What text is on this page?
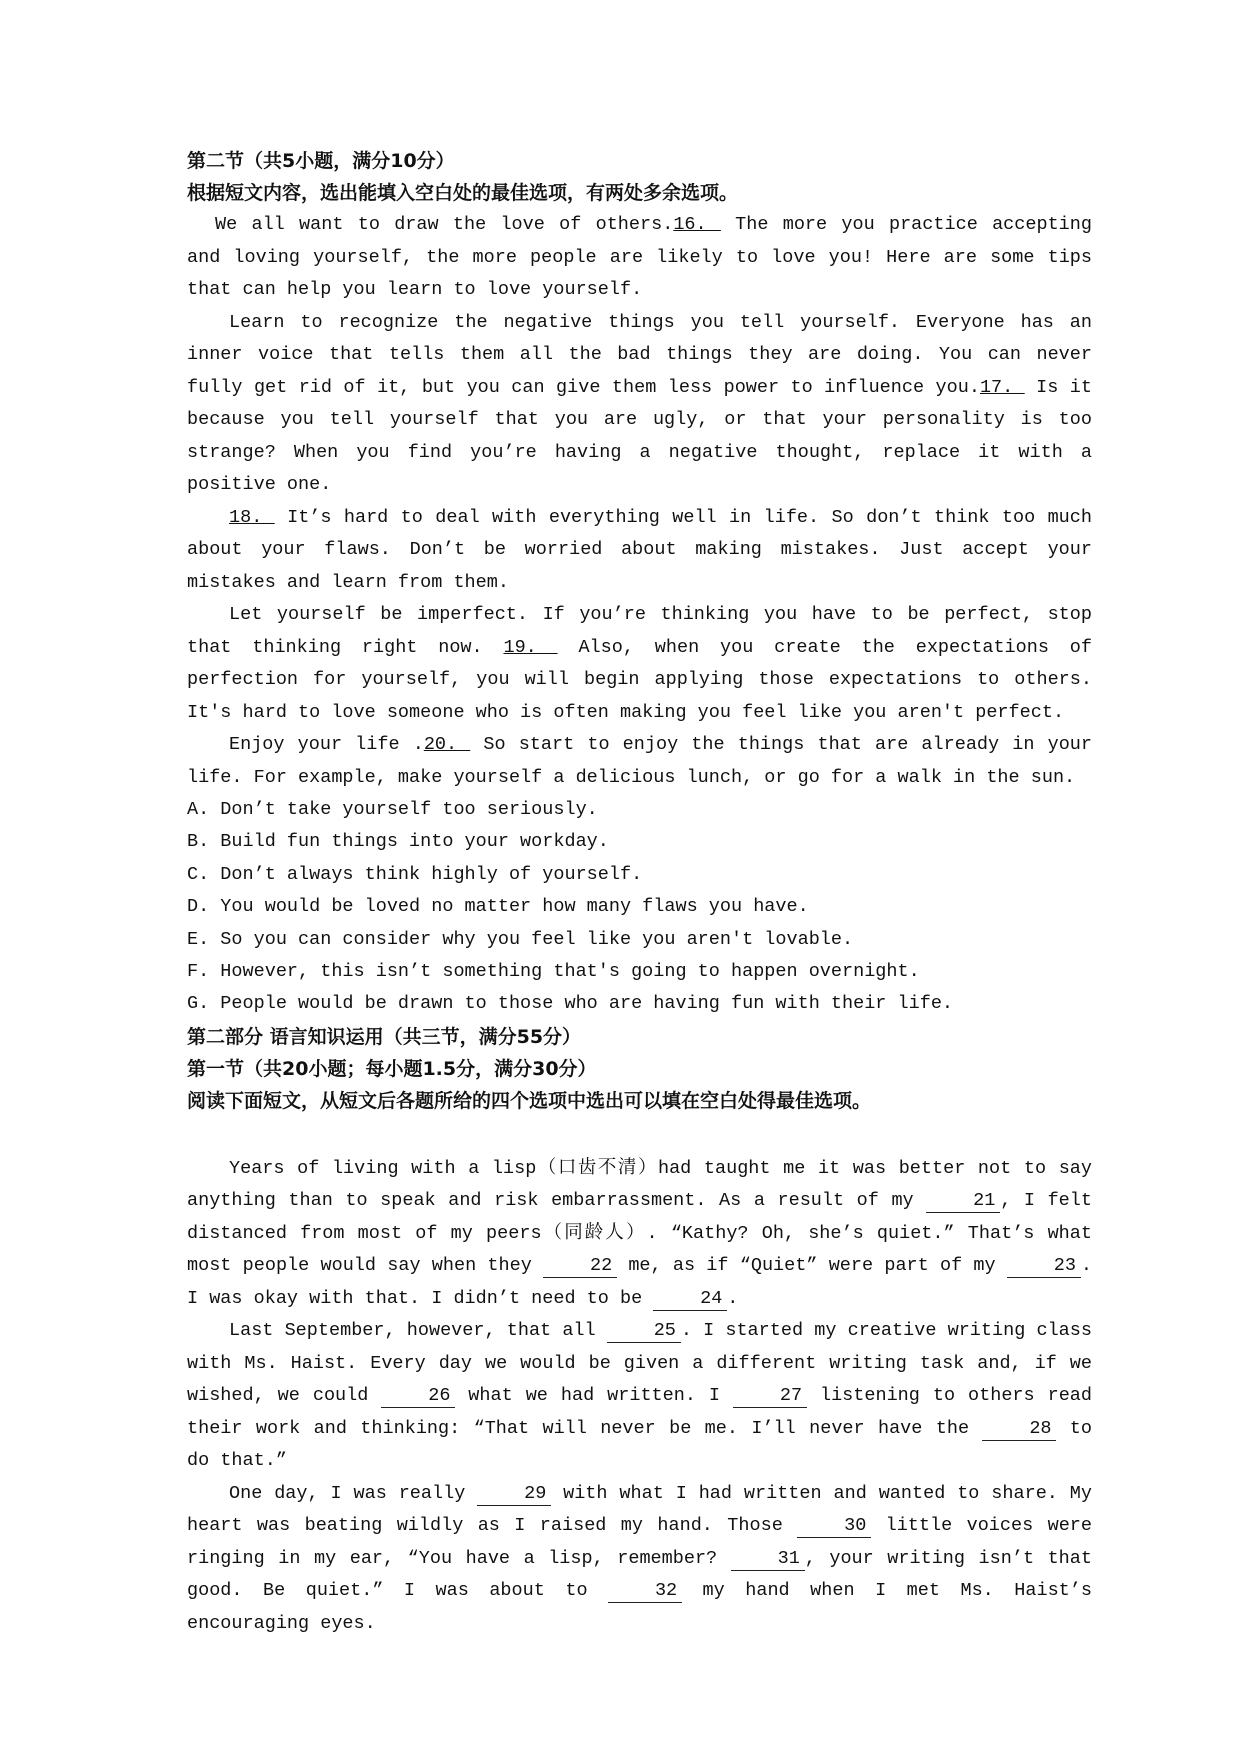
第二节（共5小题，满分10分）
根据短文内容，选出能填入空白处的最佳选项，有两处多余选项。

We all want to draw the love of others.16.  The more you practice accepting and loving yourself, the more people are likely to love you! Here are some tips that can help you learn to love yourself.

Learn to recognize the negative things you tell yourself. Everyone has an inner voice that tells them all the bad things they are doing. You can never fully get rid of it, but you can give them less power to influence you.17.  Is it because you tell yourself that you are ugly, or that your personality is too strange? When you find you’re having a negative thought, replace it with a positive one.

18.  It’s hard to deal with everything well in life. So don’t think too much about your flaws. Don’t be worried about making mistakes. Just accept your mistakes and learn from them.

Let yourself be imperfect. If you’re thinking you have to be perfect, stop that thinking right now. 19.  Also, when you create the expectations of perfection for yourself, you will begin applying those expectations to others. It's hard to love someone who is often making you feel like you aren't perfect.

Enjoy your life .20.  So start to enjoy the things that are already in your life. For example, make yourself a delicious lunch, or go for a walk in the sun.

A. Don’t take yourself too seriously.
B. Build fun things into your workday.
C. Don’t always think highly of yourself.
D. You would be loved no matter how many flaws you have.
E. So you can consider why you feel like you aren't lovable.
F. However, this isn’t something that's going to happen overnight.
G. People would be drawn to those who are having fun with their life.
第二部分 语言知识运用（共三节，满分55分）
第一节（共20小题；每小题1.5分，满分30分）
阅读下面短文，从短文后各题所给的四个选项中选出可以填在空白处得最佳选项。

Years of living with a lisp（口齿不清）had taught me it was better not to say anything than to speak and risk embarrassment. As a result of my	21 , I felt distanced from most of my peers（同龄人）. “Kathy? Oh, she’s quiet.” That’s what most people would say when they	22 me, as if “Quiet” were part of my	23 . I was okay with that. I didn’t need to be	24 .

Last September, however, that all	25 . I started my creative writing class with Ms. Haist. Every day we would be given a different writing task and, if we wished, we could	26 what we had written. I	27 listening to others read their work and thinking: “That will never be me. I’ll never have the	28 to do that.”

One day, I was really	29 with what I had written and wanted to share. My heart was beating wildly as I raised my hand. Those	30 little voices were ringing in my ear, “You have a lisp, remember?	31 , your writing isn’t that good. Be quiet.” I was about to	32 my hand when I met Ms. Haist’s encouraging eyes.
